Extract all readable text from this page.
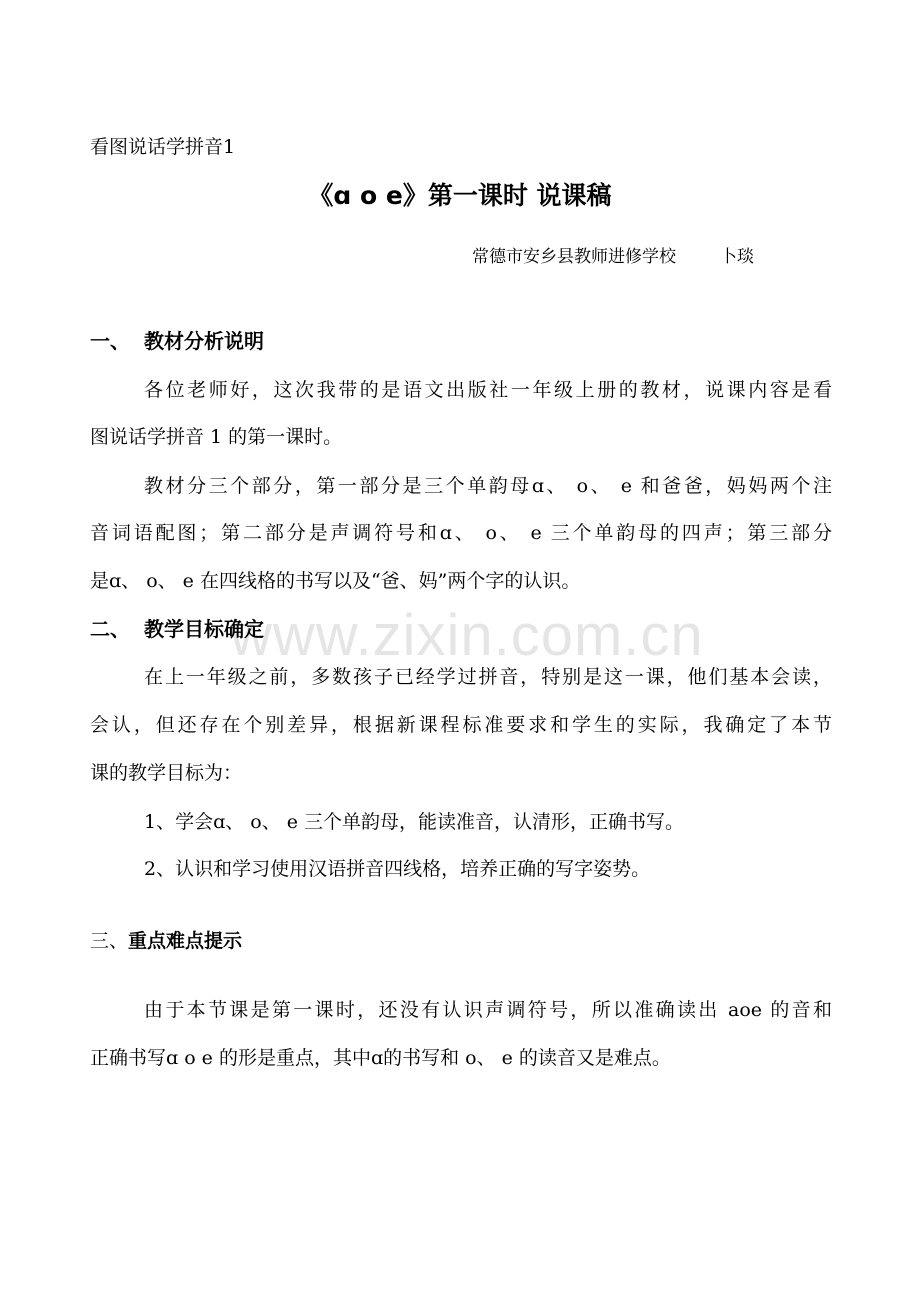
看图说话学拼音1
《ɑ o e》第一课时 说课稿
常德市安乡县教师进修学校	卜琰
一、 教材分析说明
各位老师好，这次我带的是语文出版社一年级上册的教材，说课内容是看
图说话学拼音 1 的第一课时。
教材分三个部分，第一部分是三个单韵母ɑ、 o、 e 和爸爸，妈妈两个注
音词语配图；第二部分是声调符号和ɑ、 o、 e 三个单韵母的四声；第三部分
是ɑ、 o、 e 在四线格的书写以及“爸、妈”两个字的认识。
二、 教学目标确定
在上一年级之前，多数孩子已经学过拼音，特别是这一课，他们基本会读，
会认，但还存在个别差异，根据新课程标准要求和学生的实际，我确定了本节
课的教学目标为：
1、学会ɑ、 o、 e 三个单韵母，能读准音，认清形，正确书写。
2、认识和学习使用汉语拼音四线格，培养正确的写字姿势。
三、重点难点提示
由于本节课是第一课时，还没有认识声调符号，所以准确读出 aoe 的音和
正确书写ɑ o e 的形是重点，其中ɑ的书写和 o、 e 的读音又是难点。
www.zixin.com.cn
